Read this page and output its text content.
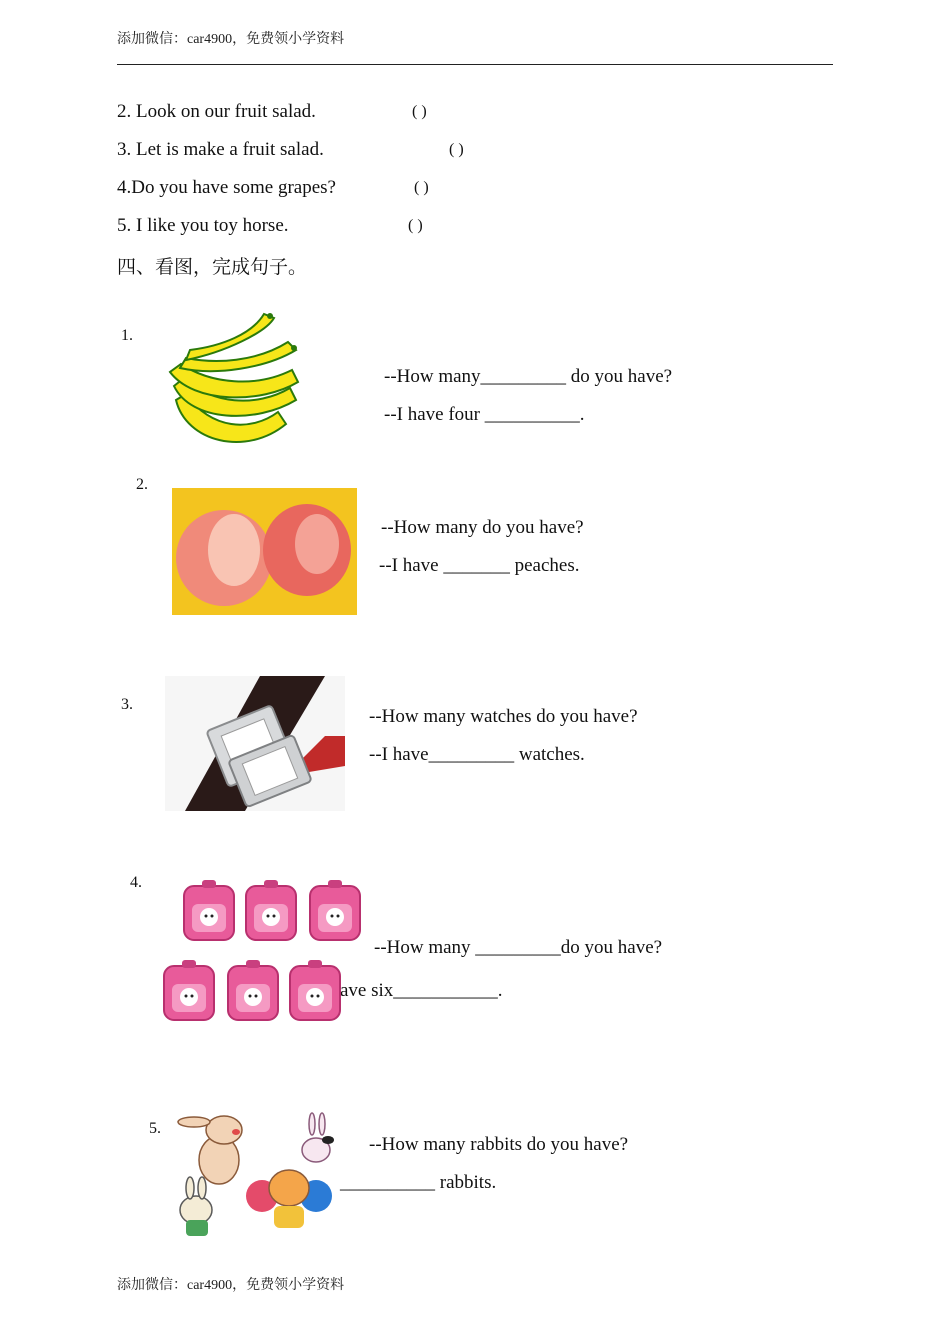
添加微信：car4900，免费领小学资料
2. Look on our fruit salad.	( )
3. Let is make a fruit salad.	( )
4.Do you have some grapes?	( )
5. I like you toy horse.	( )
四、看图，完成句子。
1.
--How many_________ do you have?
--I have four __________.
2.
--How many do you have?
--I have _______ peaches.
3.
--How many watches do you have?
--I have_________ watches.
4.
--How many _________do you have?
ave six___________.
5.
--How many rabbits do you have?
__________ rabbits.
添加微信：car4900，免费领小学资料
